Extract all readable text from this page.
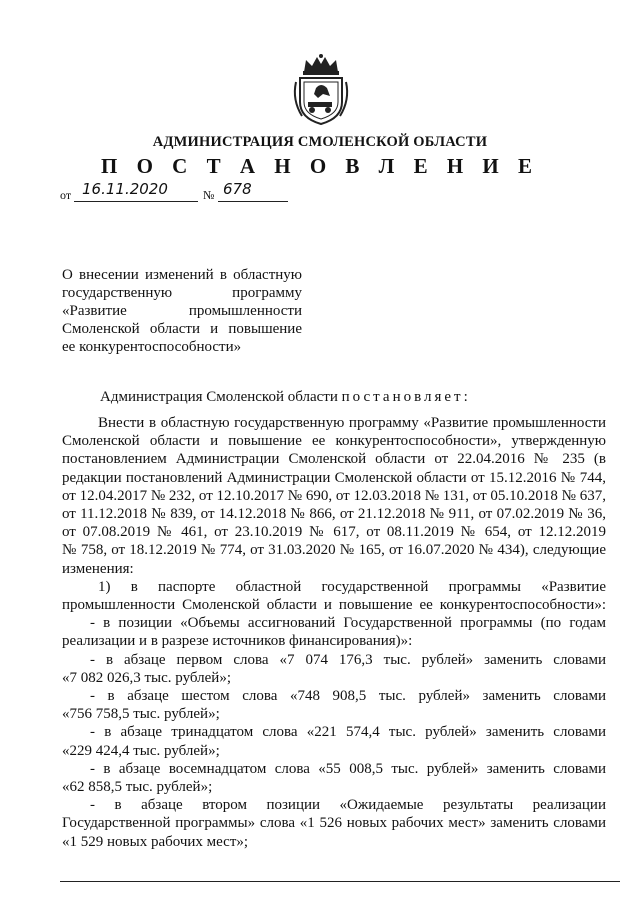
АДМИНИСТРАЦИЯ СМОЛЕНСКОЙ ОБЛАСТИ
П О С Т А Н О В Л Е Н И Е
от 16.11.2020	№ 678
О внесении изменений в областную
государственную программу
«Развитие промышленности
Смоленской области и повышение
ее конкурентоспособности»
Администрация Смоленской области постановляет:
Внести в областную государственную программу «Развитие промышленности
Смоленской области и повышение ее конкурентоспособности», утвержденную
постановлением Администрации Смоленской области от 22.04.2016 № 235 (в
редакции постановлений Администрации Смоленской области от 15.12.2016 № 744,
от 12.04.2017 № 232, от 12.10.2017 № 690, от 12.03.2018 № 131, от 05.10.2018 № 637,
от 11.12.2018 № 839, от 14.12.2018 № 866, от 21.12.2018 № 911, от 07.02.2019 № 36,
от 07.08.2019 № 461, от 23.10.2019 № 617, от 08.11.2019 № 654, от 12.12.2019
№ 758, от 18.12.2019 № 774, от 31.03.2020 № 165, от 16.07.2020 № 434), следующие
изменения:
1) в паспорте областной государственной программы «Развитие
промышленности Смоленской области и повышение ее конкурентоспособности»:
- в позиции «Объемы ассигнований Государственной программы (по годам
реализации и в разрезе источников финансирования)»:
- в абзаце первом слова «7 074 176,3 тыс. рублей» заменить словами
«7 082 026,3 тыс. рублей»;
- в абзаце шестом слова «748 908,5 тыс. рублей» заменить словами
«756 758,5 тыс. рублей»;
- в абзаце тринадцатом слова «221 574,4 тыс. рублей» заменить словами
«229 424,4 тыс. рублей»;
- в абзаце восемнадцатом слова «55 008,5 тыс. рублей» заменить словами
«62 858,5 тыс. рублей»;
- в абзаце втором позиции «Ожидаемые результаты реализации
Государственной программы» слова «1 526 новых рабочих мест» заменить словами
«1 529 новых рабочих мест»;
